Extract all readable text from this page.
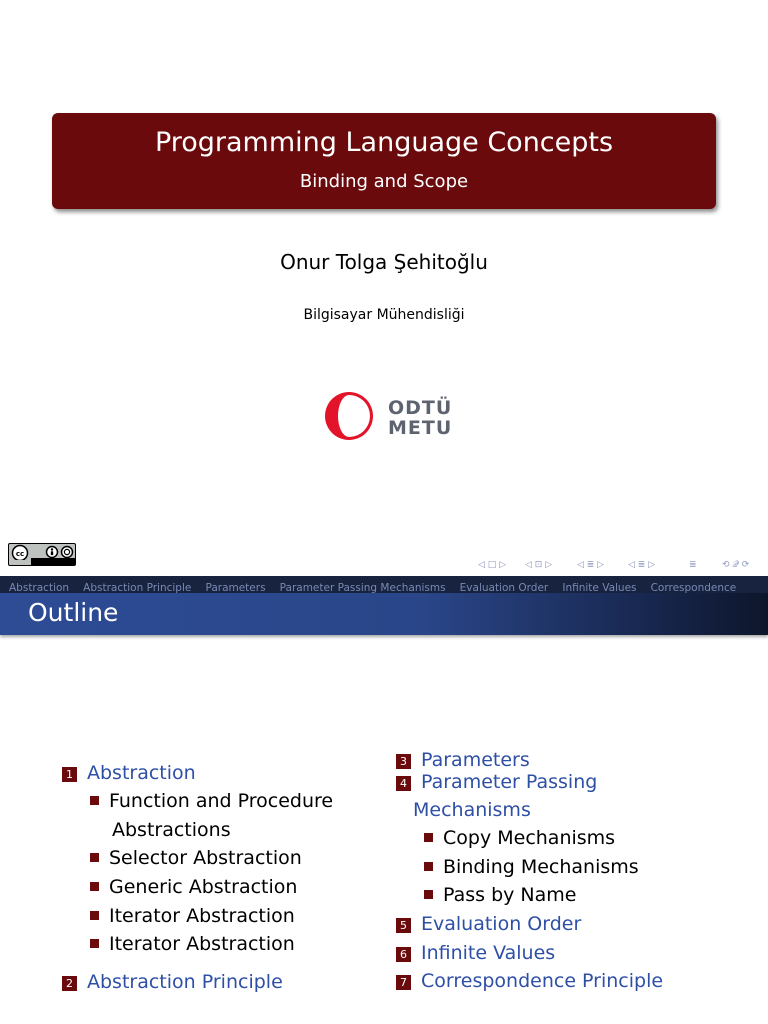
Programming Language Concepts
Binding and Scope
Onur Tolga Şehitoğlu
Bilgisayar Mühendisliği
ODTÜ
METU
cc

◁ □ ▷ ◁ ⊡ ▷	◁ ≣ ▷	◁ ≣ ▷	≣	⟲ 𝒬 ⟳
Abstraction Abstraction Principle Parameters Parameter Passing Mechanisms Evaluation Order Infinite Values Correspondence
Outline
1 Abstraction
Function and Procedure
Abstractions
Selector Abstraction
Generic Abstraction
Iterator Abstraction
Iterator Abstraction
2 Abstraction Principle
3 Parameters
4 Parameter Passing
Mechanisms
Copy Mechanisms
Binding Mechanisms
Pass by Name
5 Evaluation Order
6 Infinite Values
7 Correspondence Principle
